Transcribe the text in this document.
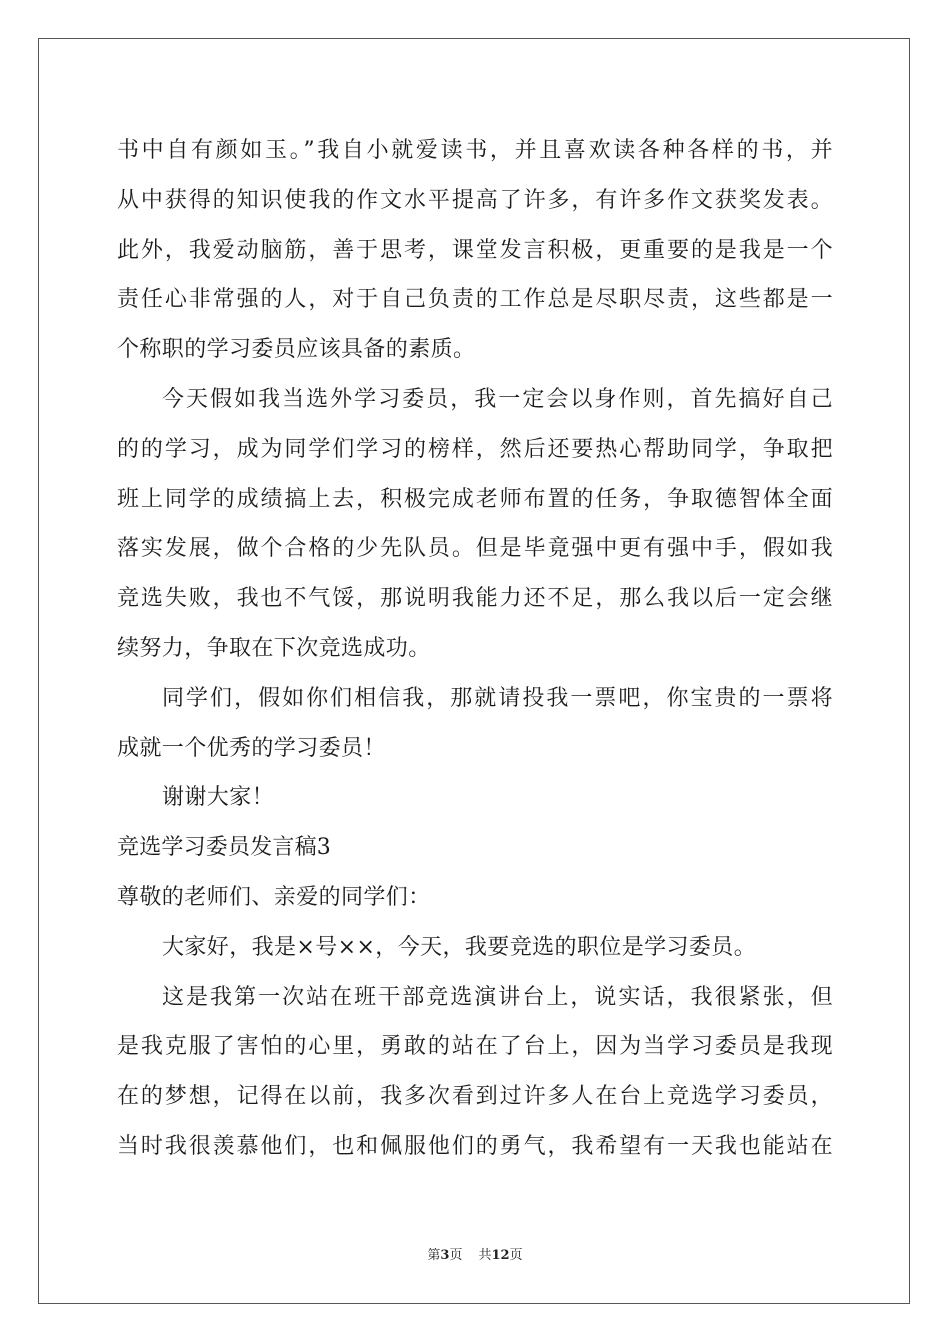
书中自有颜如玉。”我自小就爱读书，并且喜欢读各种各样的书，并
从中获得的知识使我的作文水平提高了许多，有许多作文获奖发表。
此外，我爱动脑筋，善于思考，课堂发言积极，更重要的是我是一个
责任心非常强的人，对于自己负责的工作总是尽职尽责，这些都是一
个称职的学习委员应该具备的素质。
今天假如我当选外学习委员，我一定会以身作则，首先搞好自己
的的学习，成为同学们学习的榜样，然后还要热心帮助同学，争取把
班上同学的成绩搞上去，积极完成老师布置的任务，争取德智体全面
落实发展，做个合格的少先队员。但是毕竟强中更有强中手，假如我
竞选失败，我也不气馁，那说明我能力还不足，那么我以后一定会继
续努力，争取在下次竞选成功。
同学们，假如你们相信我，那就请投我一票吧，你宝贵的一票将
成就一个优秀的学习委员！
谢谢大家！
竞选学习委员发言稿3
尊敬的老师们、亲爱的同学们：
大家好，我是×号××，今天，我要竞选的职位是学习委员。
这是我第一次站在班干部竞选演讲台上，说实话，我很紧张，但
是我克服了害怕的心里，勇敢的站在了台上，因为当学习委员是我现
在的梦想，记得在以前，我多次看到过许多人在台上竞选学习委员，
当时我很羡慕他们，也和佩服他们的勇气，我希望有一天我也能站在
第3页 共12页
